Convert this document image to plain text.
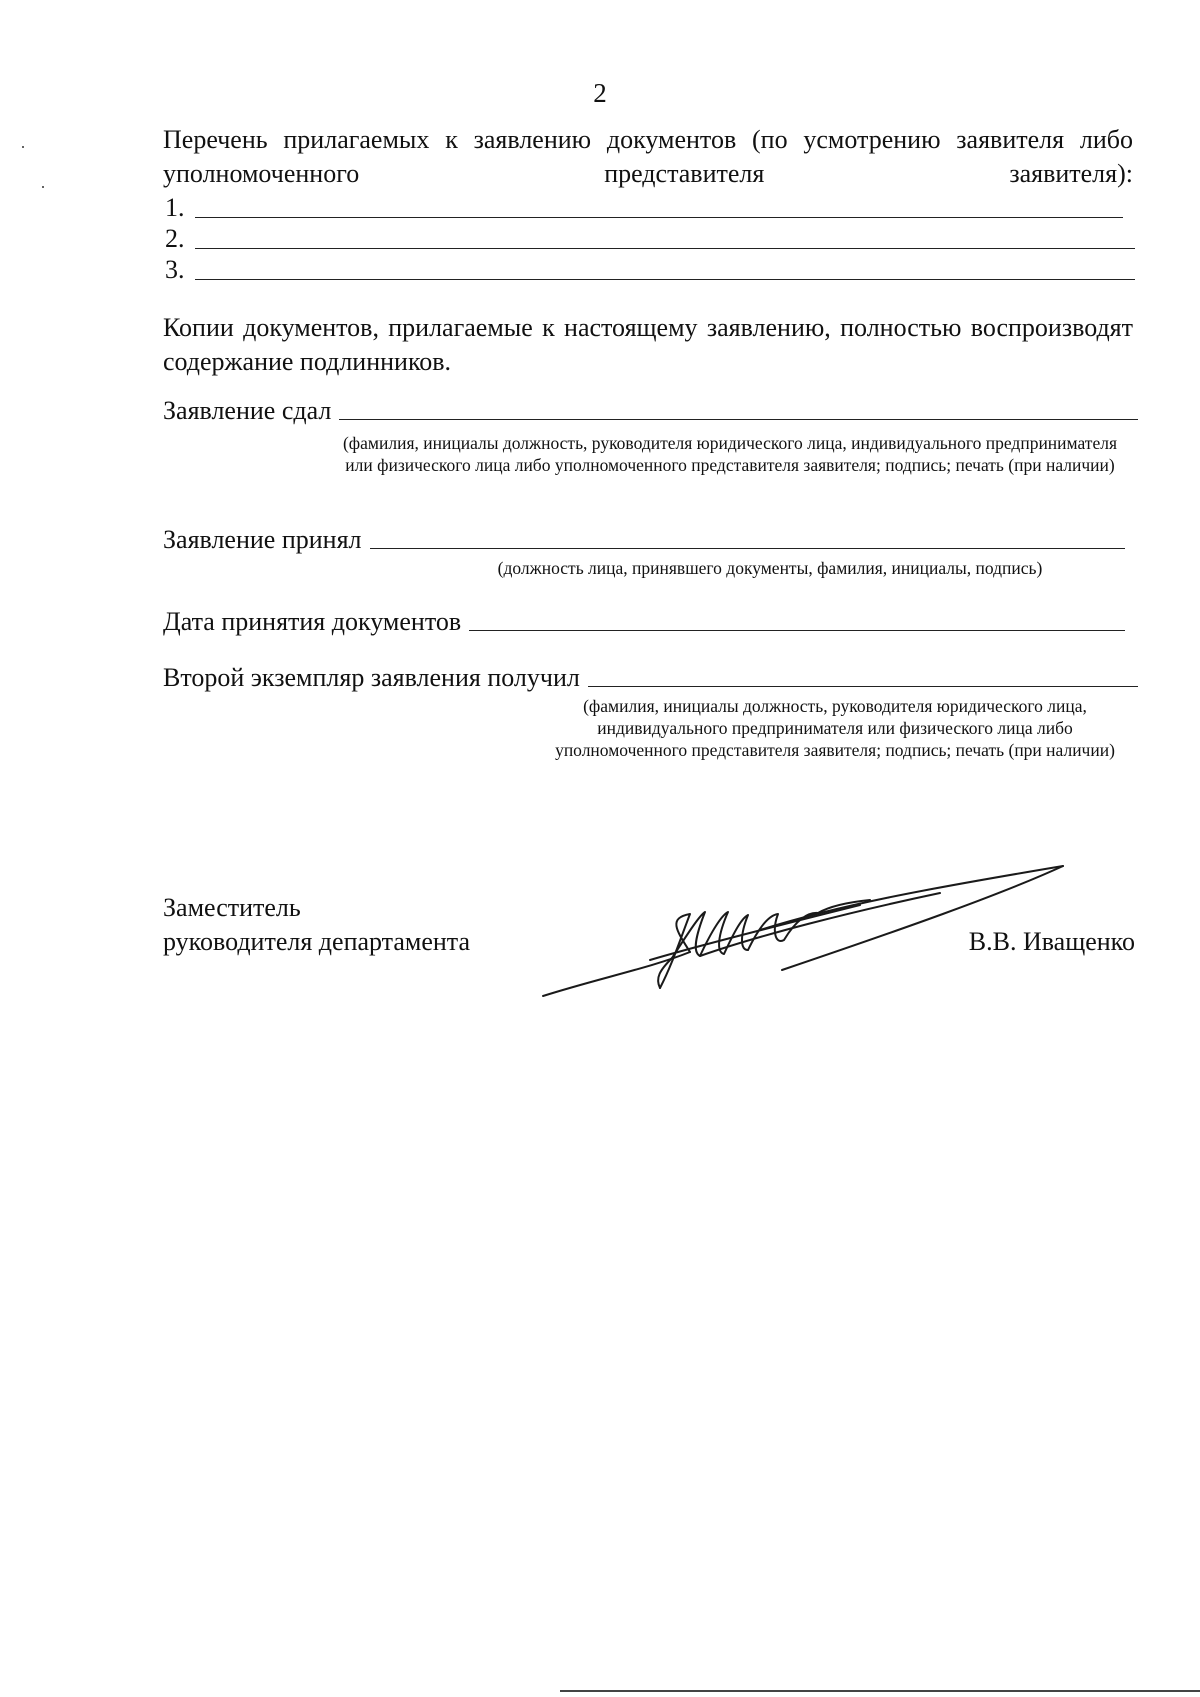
2
Перечень прилагаемых к заявлению документов (по усмотрению заявителя либо уполномоченного представителя заявителя):
1.
2.
3.
Копии документов, прилагаемые к настоящему заявлению, полностью воспроизводят содержание подлинников.
Заявление сдал
(фамилия, инициалы должность, руководителя юридического лица, индивидуального предпринимателя или физического лица либо уполномоченного представителя заявителя; подпись; печать (при наличии)
Заявление принял
(должность лица, принявшего документы, фамилия, инициалы, подпись)
Дата принятия документов
Второй экземпляр заявления получил
(фамилия, инициалы должность, руководителя юридического лица, индивидуального предпринимателя или физического лица либо уполномоченного представителя заявителя; подпись; печать (при наличии)
Заместитель
руководителя департамента	В.В. Иващенко
